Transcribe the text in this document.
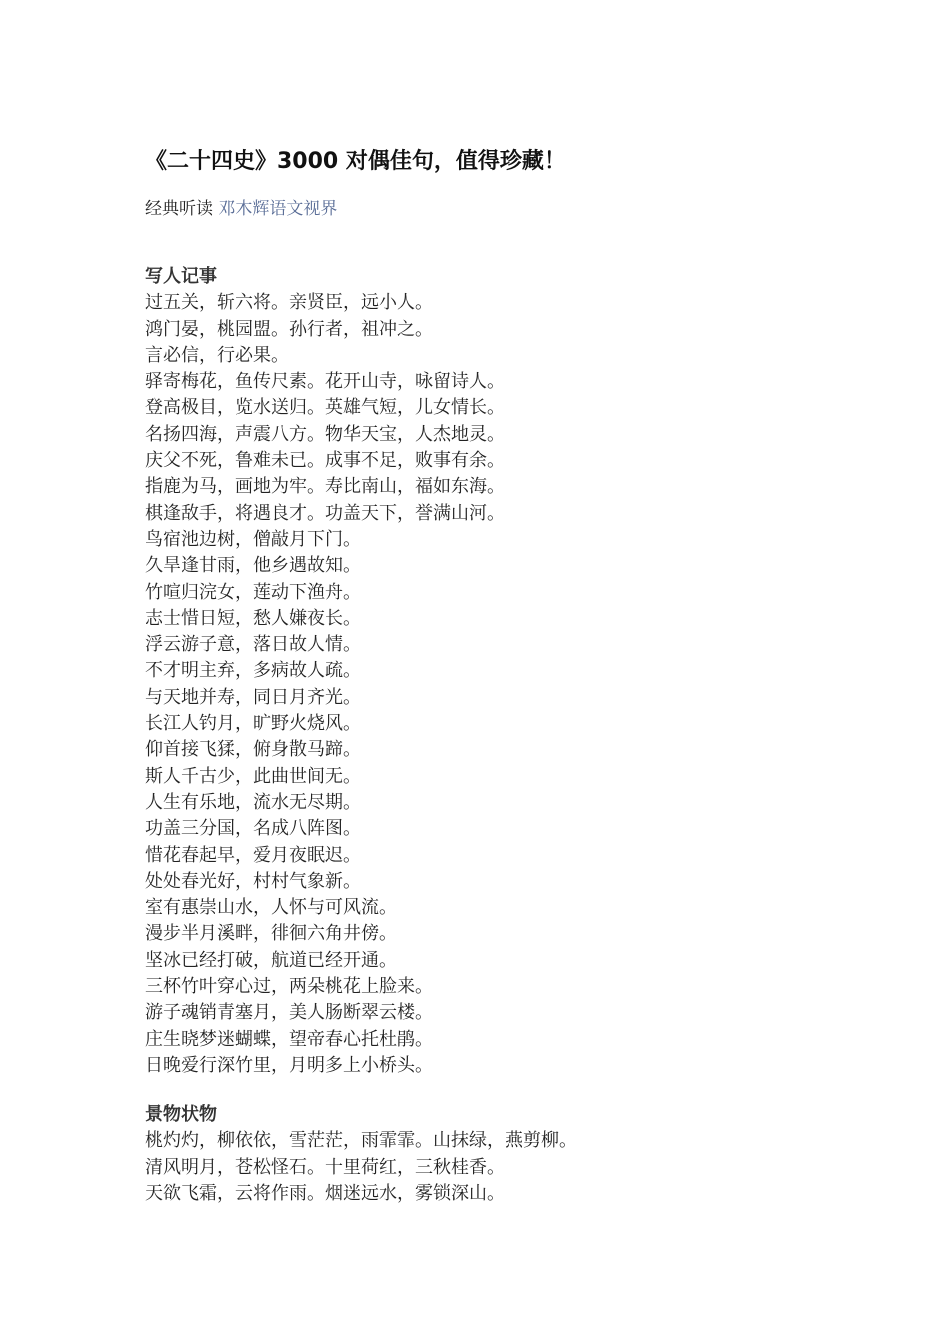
《二十四史》3000 对偶佳句，值得珍藏！
经典听读 邓木辉语文视界
写人记事
过五关，斩六将。亲贤臣，远小人。
鸿门晏，桃园盟。孙行者，祖冲之。
言必信，行必果。
驿寄梅花，鱼传尺素。花开山寺，咏留诗人。
登高极目，览水送归。英雄气短，儿女情长。
名扬四海，声震八方。物华天宝，人杰地灵。
庆父不死，鲁难未已。成事不足，败事有余。
指鹿为马，画地为牢。寿比南山，福如东海。
棋逢敌手，将遇良才。功盖天下，誉满山河。
鸟宿池边树，僧敲月下门。
久旱逢甘雨，他乡遇故知。
竹喧归浣女，莲动下渔舟。
志士惜日短，愁人嫌夜长。
浮云游子意，落日故人情。
不才明主弃，多病故人疏。
与天地并寿，同日月齐光。
长江人钓月，旷野火烧风。
仰首接飞猱，俯身散马蹄。
斯人千古少，此曲世间无。
人生有乐地，流水无尽期。
功盖三分国，名成八阵图。
惜花春起早，爱月夜眠迟。
处处春光好，村村气象新。
室有惠崇山水，人怀与可风流。
漫步半月溪畔，徘徊六角井傍。
坚冰已经打破，航道已经开通。
三杯竹叶穿心过，两朵桃花上脸来。
游子魂销青塞月，美人肠断翠云楼。
庄生晓梦迷蝴蝶，望帝春心托杜鹃。
日晚爱行深竹里，月明多上小桥头。
景物状物
桃灼灼，柳依依，雪茫茫，雨霏霏。山抹绿，燕剪柳。
清风明月，苍松怪石。十里荷红，三秋桂香。
天欲飞霜，云将作雨。烟迷远水，雾锁深山。
